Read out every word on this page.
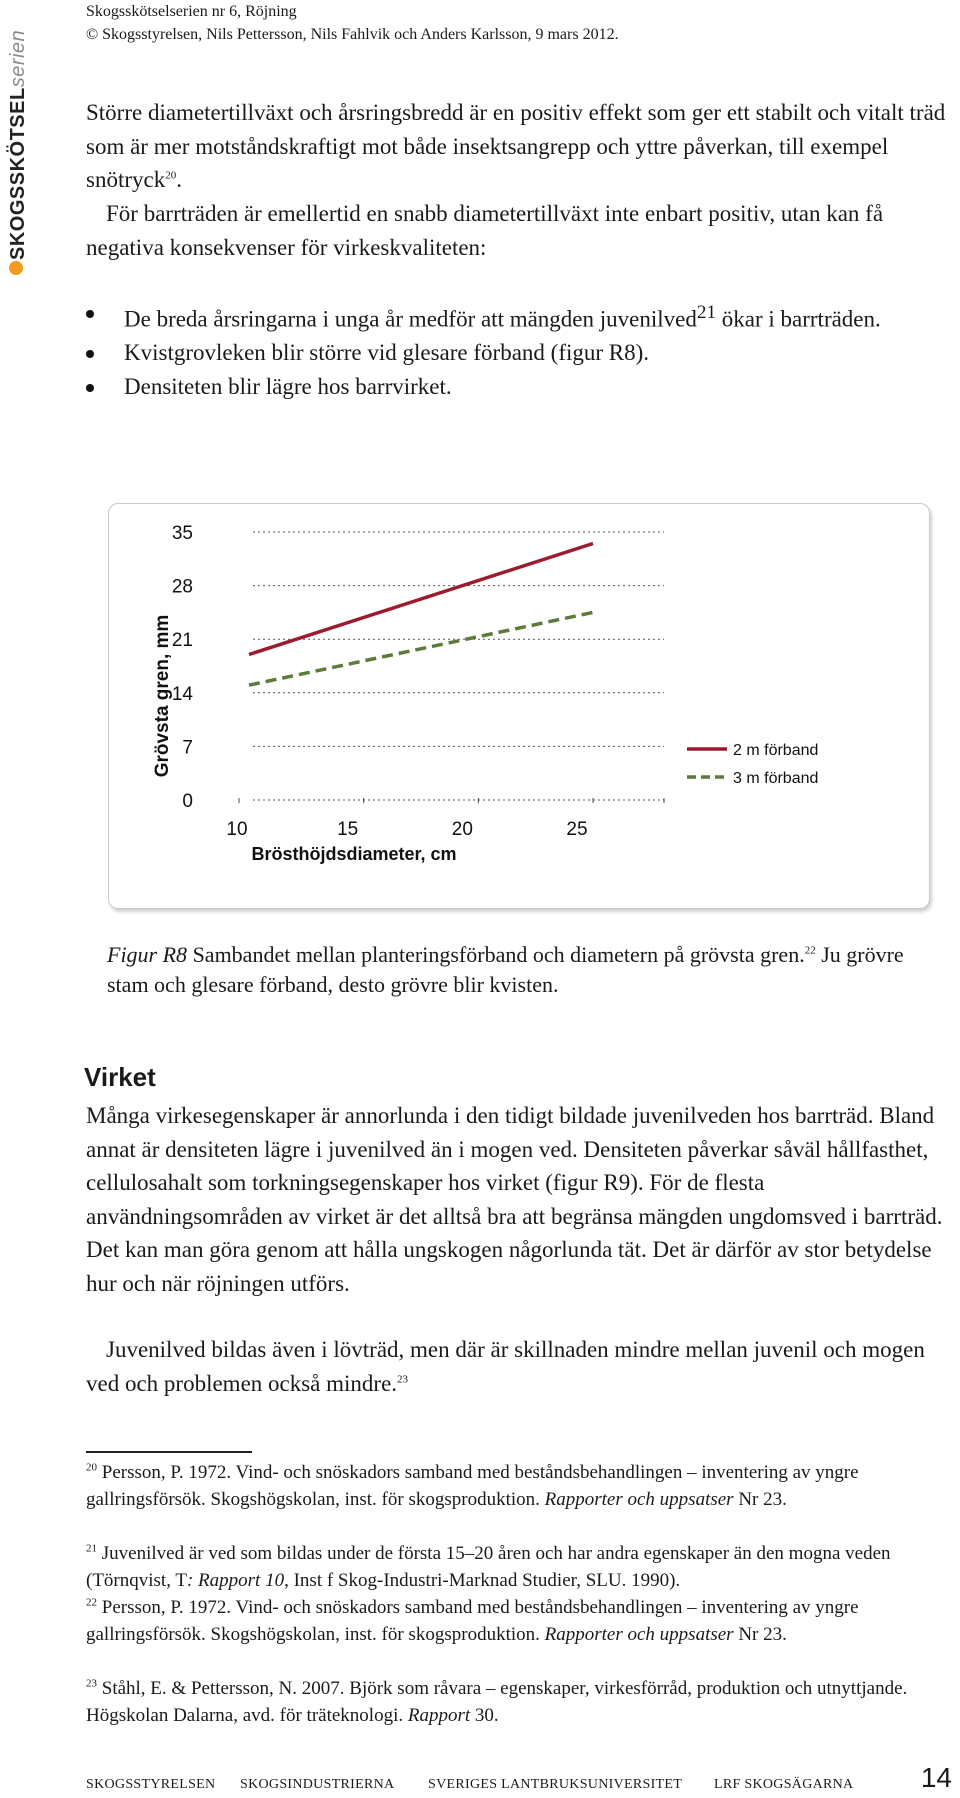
Skogsskötselserien nr 6, Röjning
© Skogsstyrelsen, Nils Pettersson, Nils Fahlvik och Anders Karlsson, 9 mars 2012.
SKOGSSKÖTSELserien

Större diametertillväxt och årsringsbredd är en positiv effekt som ger ett stabilt och vitalt träd som är mer motståndskraftigt mot både insektsangrepp och yttre påverkan, till exempel snötryck$^{20}$.

För barrträden är emellertid en snabb diametertillväxt inte enbart positiv, utan kan få negativa konsekvenser för virkeskvaliteten:

De breda årsringarna i unga år medför att mängden juvenilved$^{21}$ ökar i barrträden.
Kvistgrovleken blir större vid glesare förband (figur R8).
Densiteten blir lägre hos barrvirket.
0
7
14
21
28
35
10	15	20	25
Brösthöjdsdiameter, cm
Grövsta gren, mm	2 m förband
3 m förband

Figur R8 Sambandet mellan planteringsförband och diametern på grövsta gren.$^{22}$ Ju grövre stam och glesare förband, desto grövre blir kvisten.

Virket

Många virkesegenskaper är annorlunda i den tidigt bildade juvenilveden hos barrträd. Bland annat är densiteten lägre i juvenilved än i mogen ved. Densiteten påverkar såväl hållfasthet, cellulosahalt som torkningsegenskaper hos virket (figur R9). För de flesta användningsområden av virket är det alltså bra att begränsa mängden ungdomsved i barrträd. Det kan man göra genom att hålla ungskogen någorlunda tät. Det är därför av stor betydelse hur och när röjningen utförs.

Juvenilved bildas även i lövträd, men där är skillnaden mindre mellan juvenil och mogen ved och problemen också mindre.$^{23}$

$^{20}$ Persson, P. 1972. Vind- och snöskadors samband med beståndsbehandlingen – inventering av yngre gallringsförsök. Skogshögskolan, inst. för skogsproduktion. Rapporter och uppsatser Nr 23.

$^{21}$ Juvenilved är ved som bildas under de första 15–20 åren och har andra egenskaper än den mogna veden (Törnqvist, T: Rapport 10, Inst f Skog-Industri-Marknad Studier, SLU. 1990).

$^{22}$ Persson, P. 1972. Vind- och snöskadors samband med beståndsbehandlingen – inventering av yngre gallringsförsök. Skogshögskolan, inst. för skogsproduktion. Rapporter och uppsatser Nr 23.

$^{23}$ Ståhl, E. & Pettersson, N. 2007. Björk som råvara – egenskaper, virkesförråd, produktion och utnyttjande. Högskolan Dalarna, avd. för träteknologi. Rapport 30.

SKOGSSTYRELSEN SKOGSINDUSTRIERNA SVERIGES LANTBRUKSUNIVERSITET LRF SKOGSÄGARNA 14
